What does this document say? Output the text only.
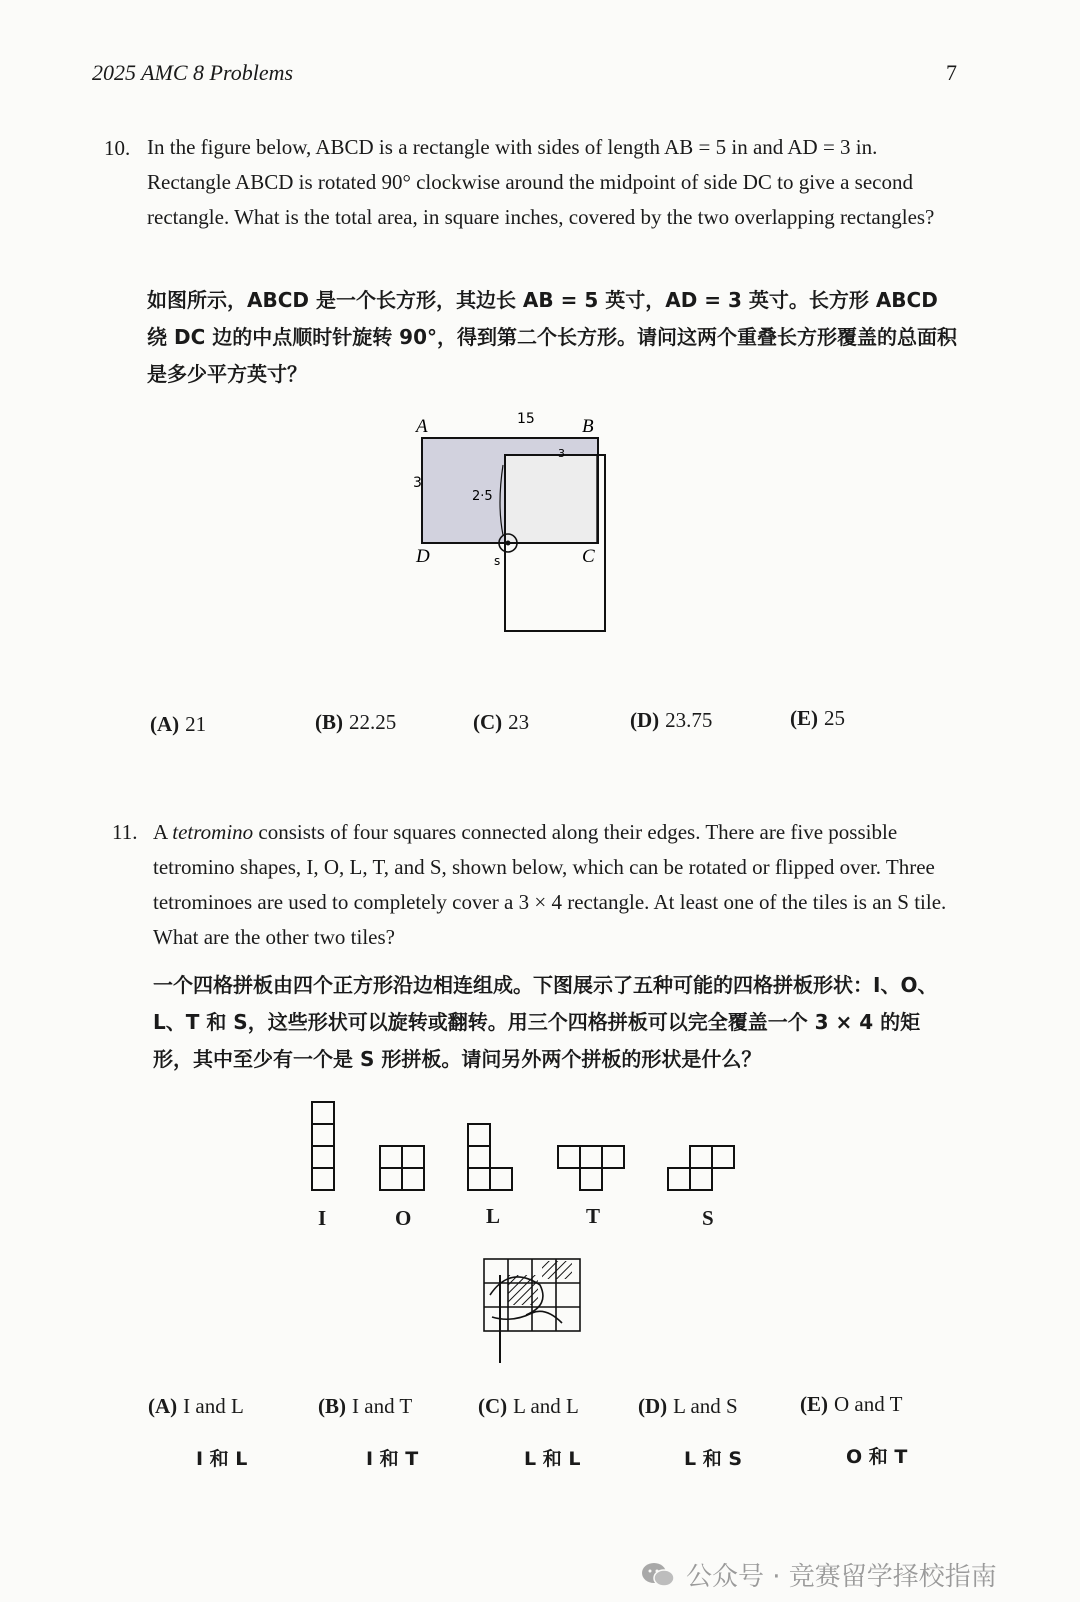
2025 AMC 8 Problems	7
10. In the figure below, ABCD is a rectangle with sides of length AB = 5 in and AD = 3 in. Rectangle ABCD is rotated 90° clockwise around the midpoint of side DC to give a second rectangle. What is the total area, in square inches, covered by the two overlapping rectangles?
如图所示，ABCD 是一个长方形，其边长 AB = 5 英寸，AD = 3 英寸。长方形 ABCD 绕 DC 边的中点顺时针旋转 90°，得到第二个长方形。请问这两个重叠长方形覆盖的总面积是多少平方英寸？
A	B
C
D
15
3
2·5
3
s
(A) 21	(B) 22.25	(C) 23	(D) 23.75	(E) 25
11. A tetromino consists of four squares connected along their edges. There are five possible tetromino shapes, I, O, L, T, and S, shown below, which can be rotated or flipped over. Three tetrominoes are used to completely cover a 3 × 4 rectangle. At least one of the tiles is an S tile. What are the other two tiles?
一个四格拼板由四个正方形沿边相连组成。下图展示了五种可能的四格拼板形状：I、O、L、T 和 S，这些形状可以旋转或翻转。用三个四格拼板可以完全覆盖一个 3 × 4 的矩形，其中至少有一个是 S 形拼板。请问另外两个拼板的形状是什么？
I	O	L	T	S
(A) I and L	(B) I and T	(C) L and L	(D) L and S	(E) O and T
I 和 L	I 和 T	L 和 L	L 和 S	O 和 T
公众号 · 竞赛留学择校指南
